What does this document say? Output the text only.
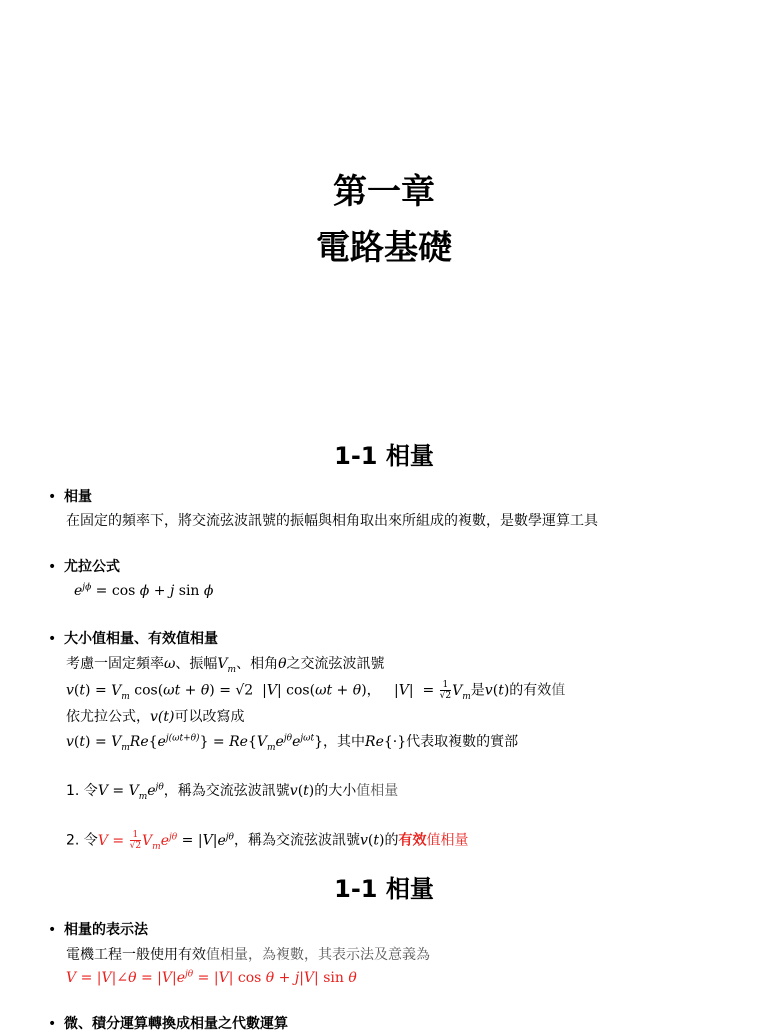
第一章
電路基礎
1-1 相量
• 相量
在固定的頻率下，將交流弦波訊號的振幅與相角取出來所組成的複數，是數學運算工具
• 尤拉公式
$e^{j\phi} = \cos \phi + j$ sin ϕ
• 大小值相量、有效值相量
考慮一固定頻率ω、振幅$V_m$、相角θ之交流弦波訊號
$v(t) = V_m$ cos(ωt + θ) = √2  |V| cos(ωt + θ)，   $|V| = \frac{1}{√2} V_m$是v(t)的有效值
依尤拉公式，v(t)可以改寫成
$v(t) = V_mRe\{e^{j(\omega t+\theta)}\} = Re\{V_me^{j\theta}e^{j\omega t}\}$，其中Re{·}代表取複數的實部
1. 令$V = V_me^{j\theta}$，稱為交流弦波訊號v(t)的大小值相量
2. 令$V = \frac{1}{√2} V_me^{j\theta} = |V|e^{j\theta}$，稱為交流弦波訊號v(t)的有效值相量
1-1 相量
• 相量的表示法
電機工程一般使用有效值相量，為複數，其表示法及意義為
V = |V|∠θ = $|V|e^{j\theta} = |V|$ cos θ + j|V| sin θ
• 微、積分運算轉換成相量之代數運算
